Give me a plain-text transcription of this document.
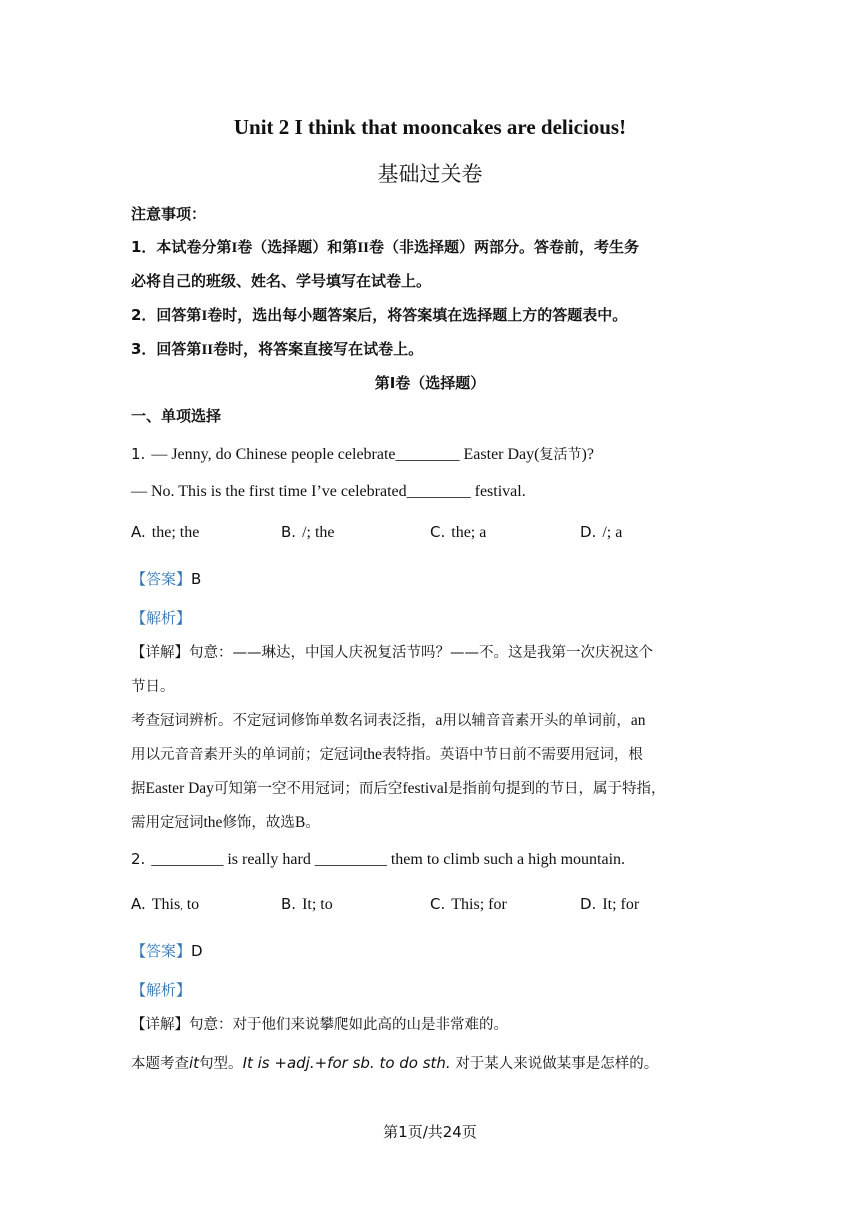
Unit 2 I think that mooncakes are delicious!
基础过关卷
注意事项：
1．本试卷分第I卷（选择题）和第II卷（非选择题）两部分。答卷前，考生务
必将自己的班级、姓名、学号填写在试卷上。
2．回答第I卷时，选出每小题答案后，将答案填在选择题上方的答题表中。
3．回答第II卷时，将答案直接写在试卷上。
第I卷（选择题）
一、单项选择
1. — Jenny, do Chinese people celebrate________ Easter Day(复活节)?
— No. This is the first time I’ve celebrated________ festival.
A. the; the	B. /; the	C. the; a	D. /; a
【答案】B
【解析】
【详解】句意：——琳达，中国人庆祝复活节吗？——不。这是我第一次庆祝这个
节日。
考查冠词辨析。不定冠词修饰单数名词表泛指，a用以辅音音素开头的单词前，an
用以元音音素开头的单词前；定冠词the表特指。英语中节日前不需要用冠词，根
据Easter Day可知第一空不用冠词；而后空festival是指前句提到的节日，属于特指，
需用定冠词the修饰，故选B。
2. _________ is really hard _________ them to climb such a high mountain.
A. This, to	B. It; to	C. This; for	D. It; for
【答案】D
【解析】
【详解】句意：对于他们来说攀爬如此高的山是非常难的。
本题考查it句型。It is +adj.+for sb. to do sth. 对于某人来说做某事是怎样的。
第1页/共24页
